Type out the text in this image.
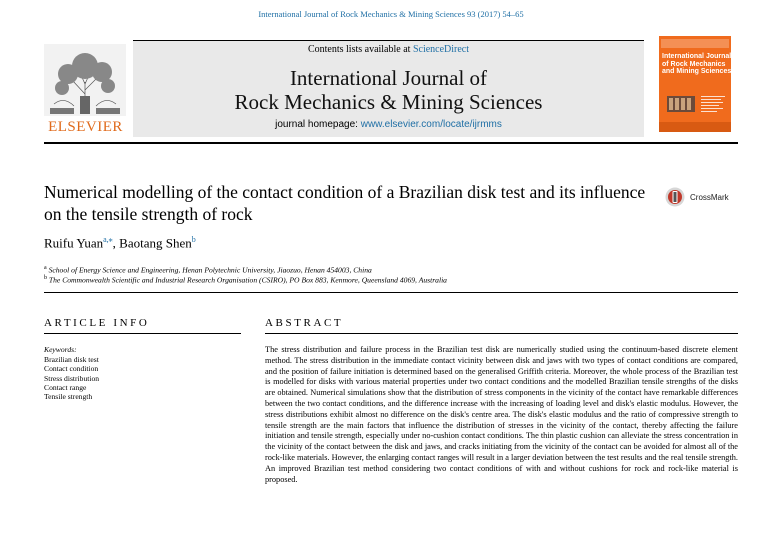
International Journal of Rock Mechanics & Mining Sciences 93 (2017) 54–65
ELSEVIER
Contents lists available at ScienceDirect
International Journal of
Rock Mechanics & Mining Sciences
journal homepage: www.elsevier.com/locate/ijrmms
International Journal of Rock Mechanics and Mining Sciences
Numerical modelling of the contact condition of a Brazilian disk test and its influence on the tensile strength of rock
CrossMark
Ruifu Yuan$^{a,⁎}$, Baotang Shen$^b$
$^a$ School of Energy Science and Engineering, Henan Polytechnic University, Jiaozuo, Henan 454003, China
$^b$ The Commonwealth Scientific and Industrial Research Organisation (CSIRO), PO Box 883, Kenmore, Queensland 4069, Australia
ARTICLE INFO
Keywords:
Brazilian disk test
Contact condition
Stress distribution
Contact range
Tensile strength
ABSTRACT
The stress distribution and failure process in the Brazilian test disk are numerically studied using the continuum-based discrete element method. The stress distribution in the immediate contact vicinity between disk and jaws with two types of contact conditions are compared, and the position of failure initiation is determined based on the generalised Griffith criteria. Moreover, the whole process of the Brazilian test is modelled for disks with various material properties under two contact conditions and the modelled Brazilian tensile strengths of the disks are obtained. Numerical simulations show that the distribution of stress components in the vicinity of the contact have remarkable differences between the two contact conditions, and the difference increase with the increasing of loading level and disk's elastic modulus. However, the stress distributions exhibit almost no difference on the disk's centre area. The disk's elastic modulus and the ratio of compressive strength to tensile strength are the main factors that influence the distribution of stresses in the vicinity of the contact, thereby affecting the failure initiation and tensile strength, especially under no-cushion contact conditions. The thin plastic cushion can alleviate the stress concentration in the vicinity of the contact between the disk and jaws, and cracks initiating from the vicinity of the contact can be avoided for almost all of the rock-like materials. However, the enlarging contact ranges will result in a larger deviation between the test results and the real tensile strength. An improved Brazilian test method considering two contact conditions of with and without cushions for rock and rock-like material is proposed.
